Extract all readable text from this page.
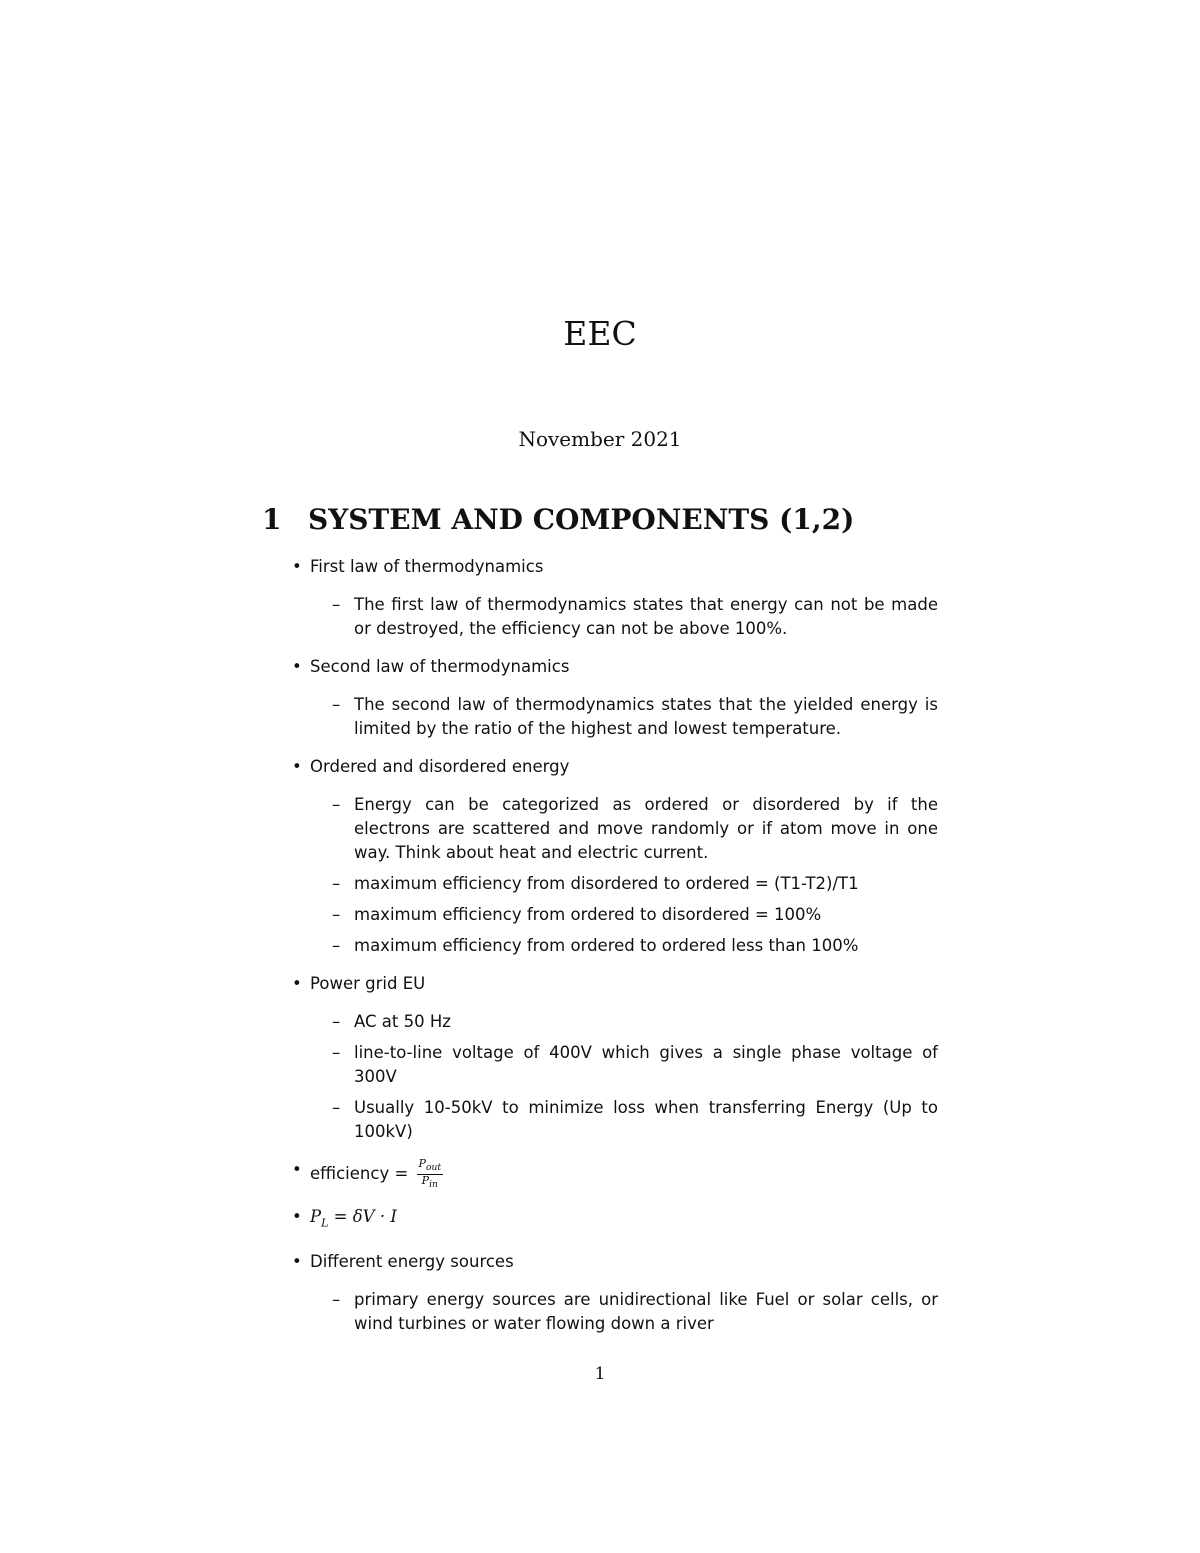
EEC
November 2021
1 SYSTEM AND COMPONENTS (1,2)
• First law of thermodynamics
– The first law of thermodynamics states that energy can not be made or destroyed, the efficiency can not be above 100%.
• Second law of thermodynamics
– The second law of thermodynamics states that the yielded energy is limited by the ratio of the highest and lowest temperature.
• Ordered and disordered energy
– Energy can be categorized as ordered or disordered by if the electrons are scattered and move randomly or if atom move in one way. Think about heat and electric current.
– maximum efficiency from disordered to ordered = (T1-T2)/T1
– maximum efficiency from ordered to disordered = 100%
– maximum efficiency from ordered to ordered less than 100%
• Power grid EU
– AC at 50 Hz
– line-to-line voltage of 400V which gives a single phase voltage of 300V
– Usually 10-50kV to minimize loss when transferring Energy (Up to 100kV)
• efficiency = $\frac{P_{out}}{P_{in}}$
• $P_L = \delta V \cdot I$
• Different energy sources
– primary energy sources are unidirectional like Fuel or solar cells, or wind turbines or water flowing down a river
1
